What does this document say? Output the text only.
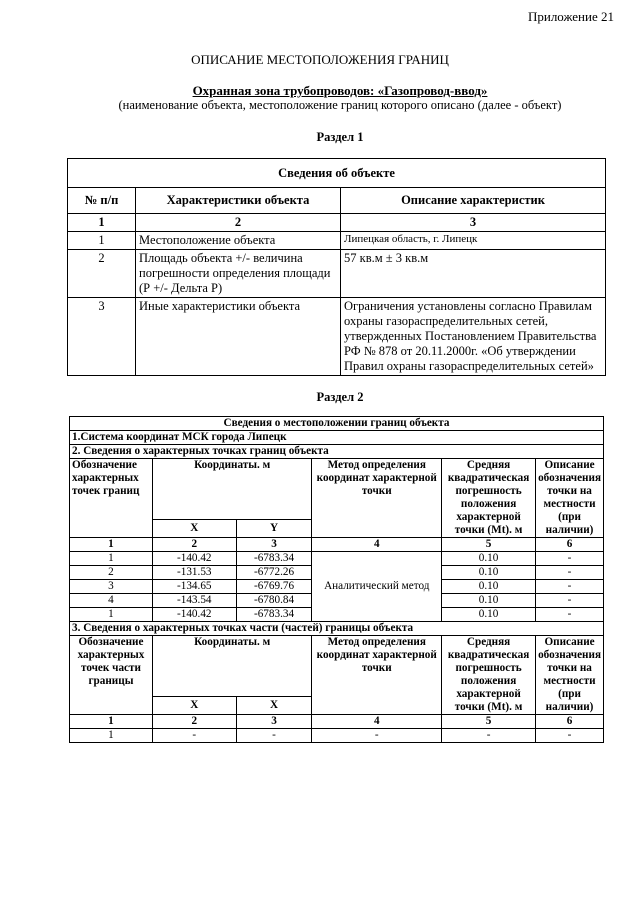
Приложение 21
ОПИСАНИЕ МЕСТОПОЛОЖЕНИЯ ГРАНИЦ
Охранная зона трубопроводов: «Газопровод-ввод»
(наименование объекта, местоположение границ которого описано (далее - объект)
Раздел 1
Сведения об объекте		
№ п/п	Характеристики объекта	Описание характеристик
1	2	3
1	Местоположение объекта	Липецкая область, г. Липецк
2	Площадь объекта +/- величина погрешности определения площади (Р +/- Дельта Р)	57 кв.м ± 3 кв.м
3	Иные характеристики объекта	Ограничения установлены согласно Правилам охраны газораспределительных сетей, утвержденных Постановлением Правительства РФ № 878 от 20.11.2000г. «Об утверждении Правил охраны газораспределительных сетей»
Раздел 2
Сведения о местоположении границ объекта					
1.Система координат МСК города Липецк					
2. Сведения о характерных точках границ объекта					
Обозначение характерных точек границ	Координаты. м		Метод определения координат характерной точки	Средняя квадратическая погрешность положения характерной точки (Mt). м	Описание обозначения точки на местности (при наличии)
	X	Y			
1	2	3	4	5	6
1	-140.42	-6783.34	Аналитический метод	0.10	-
2	-131.53	-6772.26		0.10	-
3	-134.65	-6769.76		0.10	-
4	-143.54	-6780.84		0.10	-
1	-140.42	-6783.34		0.10	-
3. Сведения о характерных точках части (частей) границы объекта					
Обозначение характерных точек части границы	Координаты. м		Метод определения координат характерной точки	Средняя квадратическая погрешность положения характерной точки (Mt). м	Описание обозначения точки на местности (при наличии)
	X	X			
1	2	3	4	5	6
1	-	-	-	-	-
